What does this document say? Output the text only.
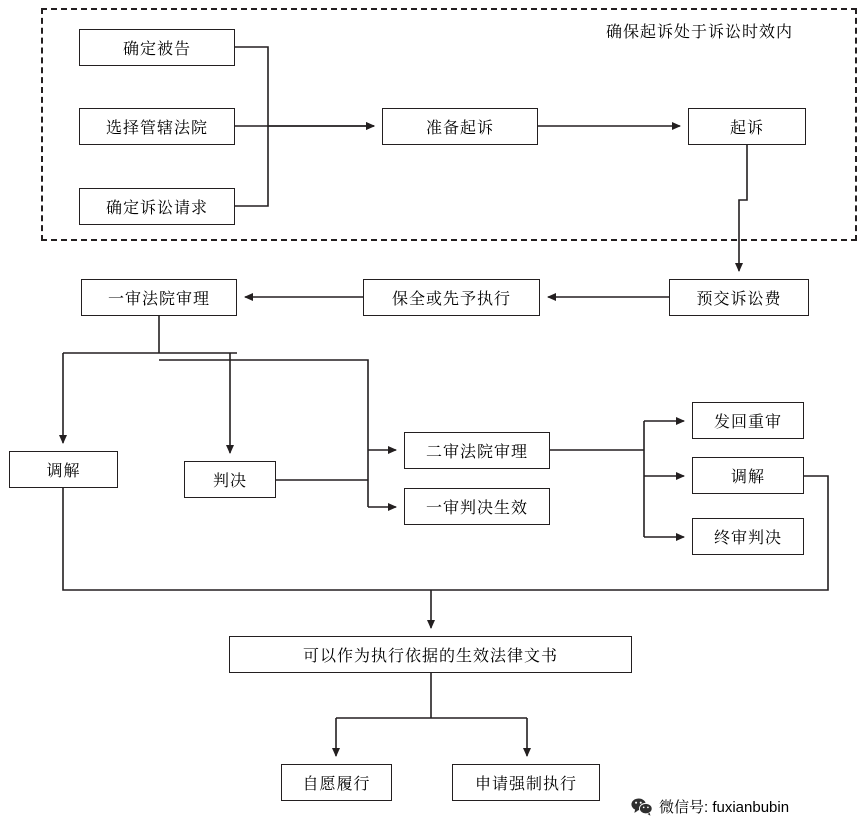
确保起诉处于诉讼时效内
确定被告
选择管辖法院
确定诉讼请求
准备起诉	起诉
预交诉讼费
保全或先予执行
一审法院审理
调解
判决
二审法院审理
一审判决生效
发回重审
调解
终审判决
可以作为执行依据的生效法律文书
自愿履行	申请强制执行
微信号: fuxianbubin
